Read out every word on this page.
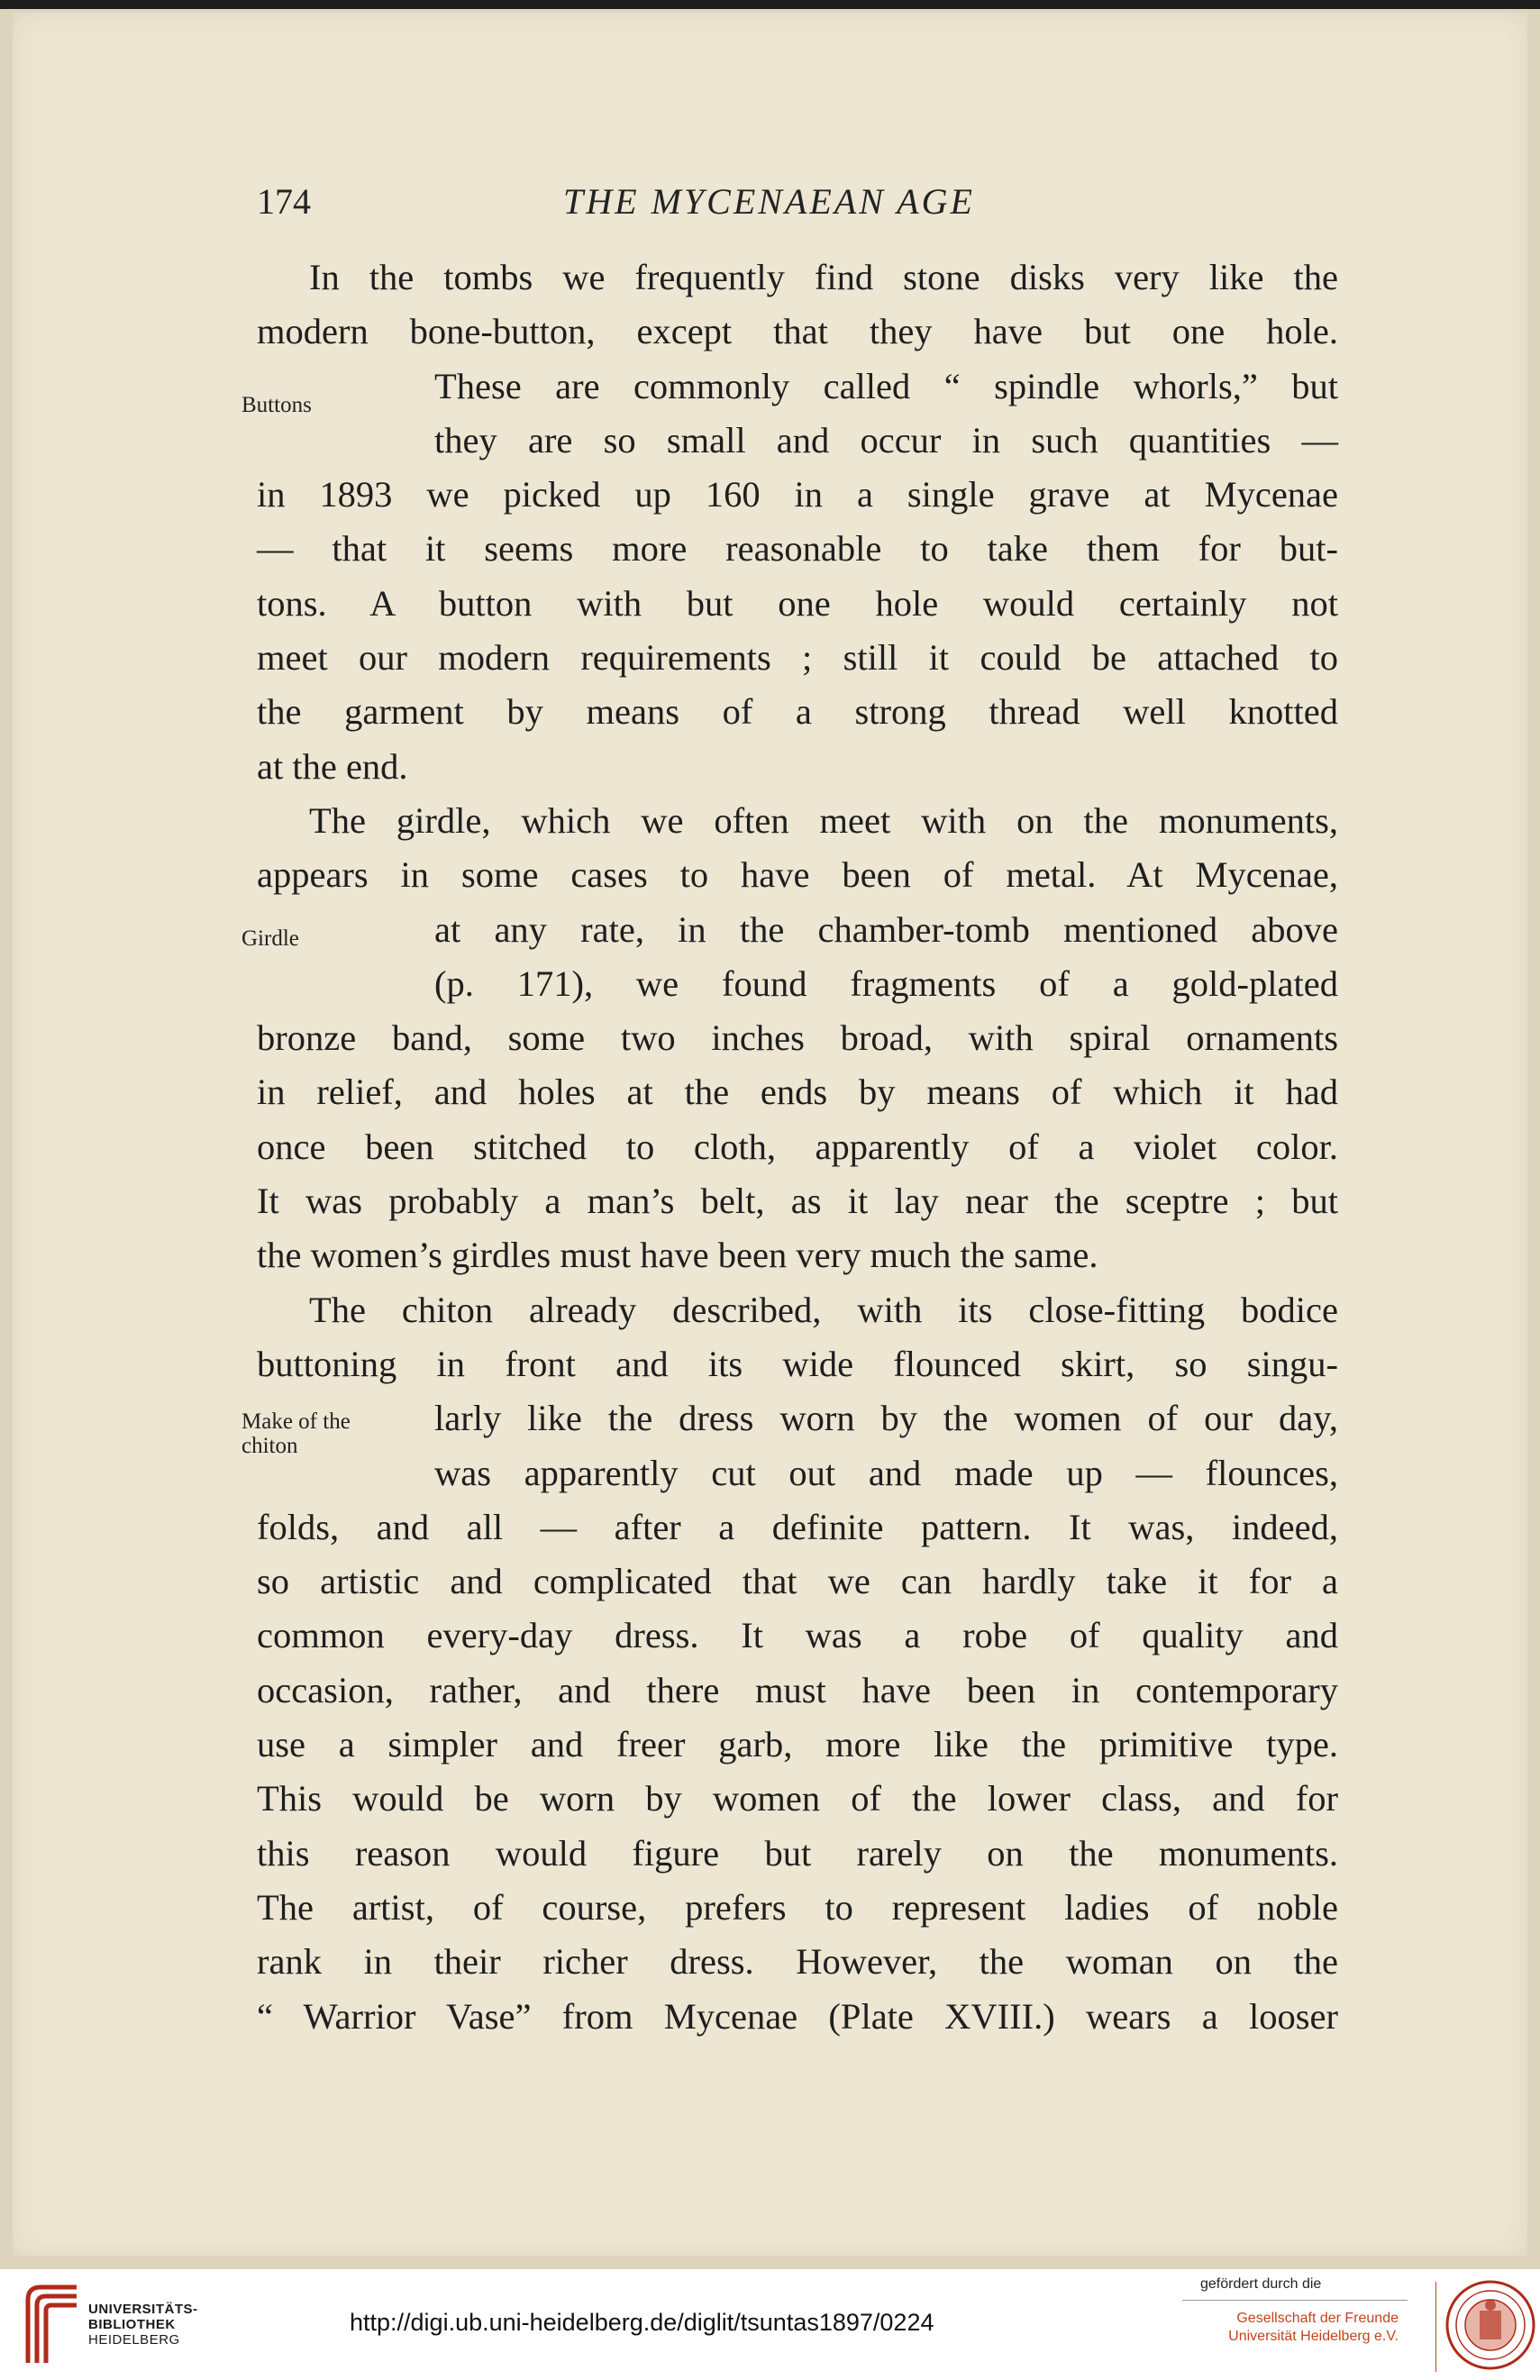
174	THE MYCENAEAN AGE
Buttons
Girdle
Make of the
chiton
In the tombs we frequently find stone disks very like the
modern bone-button, except that they have but one hole.
These are commonly called “ spindle whorls,” but
they are so small and occur in such quantities —
in 1893 we picked up 160 in a single grave at Mycenae
— that it seems more reasonable to take them for but-
tons. A button with but one hole would certainly not
meet our modern requirements ; still it could be attached to
the garment by means of a strong thread well knotted
at the end.
The girdle, which we often meet with on the monuments,
appears in some cases to have been of metal. At Mycenae,
at any rate, in the chamber-tomb mentioned above
(p. 171), we found fragments of a gold-plated
bronze band, some two inches broad, with spiral ornaments
in relief, and holes at the ends by means of which it had
once been stitched to cloth, apparently of a violet color.
It was probably a man’s belt, as it lay near the sceptre ; but
the women’s girdles must have been very much the same.
The chiton already described, with its close-fitting bodice
buttoning in front and its wide flounced skirt, so singu-
larly like the dress worn by the women of our day,
was apparently cut out and made up — flounces,
folds, and all — after a definite pattern. It was, indeed,
so artistic and complicated that we can hardly take it for a
common every-day dress. It was a robe of quality and
occasion, rather, and there must have been in contemporary
use a simpler and freer garb, more like the primitive type.
This would be worn by women of the lower class, and for
this reason would figure but rarely on the monuments.
The artist, of course, prefers to represent ladies of noble
rank in their richer dress. However, the woman on the
“ Warrior Vase” from Mycenae (Plate XVIII.) wears a looser
UNIVERSITÄTS-
BIBLIOTHEK
HEIDELBERG
http://digi.ub.uni-heidelberg.de/diglit/tsuntas1897/0224
gefördert durch die
Gesellschaft der Freunde
Universität Heidelberg e.V.
